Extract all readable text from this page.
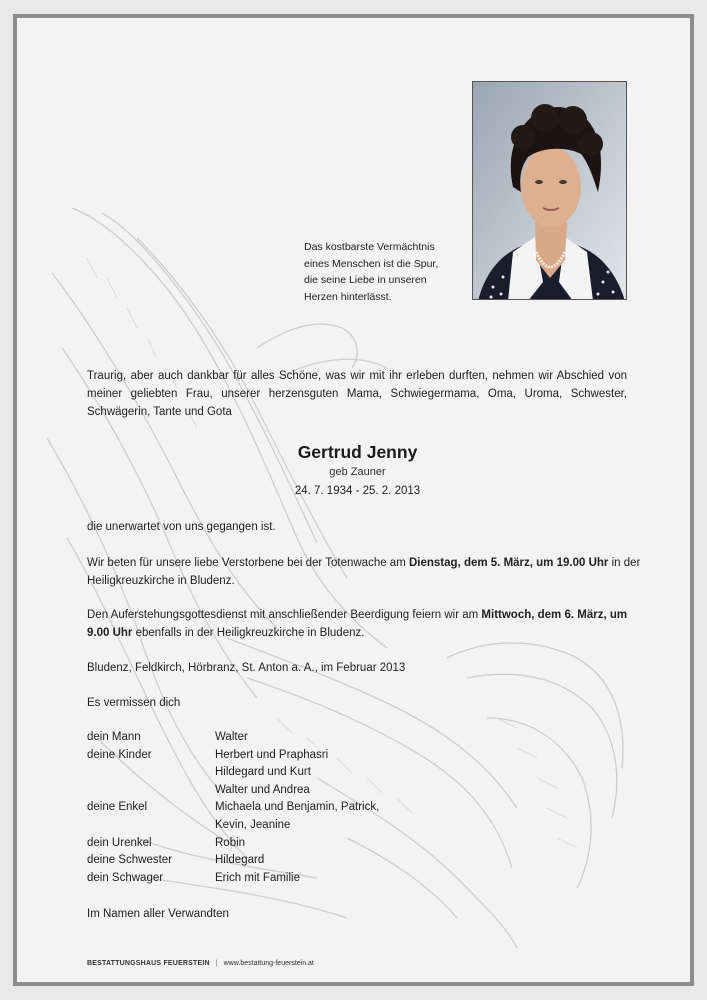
Das kostbarste Vermächtnis
eines Menschen ist die Spur,
die seine Liebe in unseren
Herzen hinterlässt.
Traurig, aber auch dankbar für alles Schöne, was wir mit ihr erleben durften, nehmen wir Abschied von meiner geliebten Frau, unserer herzensguten Mama, Schwiegermama, Oma, Uroma, Schwester, Schwägerin, Tante und Gota
Gertrud Jenny
geb Zauner
24. 7. 1934 - 25. 2. 2013
die unerwartet von uns gegangen ist.
Wir beten für unsere liebe Verstorbene bei der Totenwache am Dienstag, dem 5. März, um 19.00 Uhr in der Heiligkreuzkirche in Bludenz.
Den Auferstehungsgottesdienst mit anschließender Beerdigung feiern wir am Mittwoch, dem 6. März, um 9.00 Uhr ebenfalls in der Heiligkreuzkirche in Bludenz.
Bludenz, Feldkirch, Hörbranz, St. Anton a. A., im Februar 2013
Es vermissen dich
dein Mann	Walter
deine Kinder	Herbert und Praphasri
Hildegard und Kurt
Walter und Andrea
deine Enkel	Michaela und Benjamin, Patrick,
Kevin, Jeanine
dein Urenkel	Robin
deine Schwester	Hildegard
dein Schwager	Erich mit Familie
Im Namen aller Verwandten
BESTATTUNGSHAUS FEUERSTEIN | www.bestattung-feuerstein.at
